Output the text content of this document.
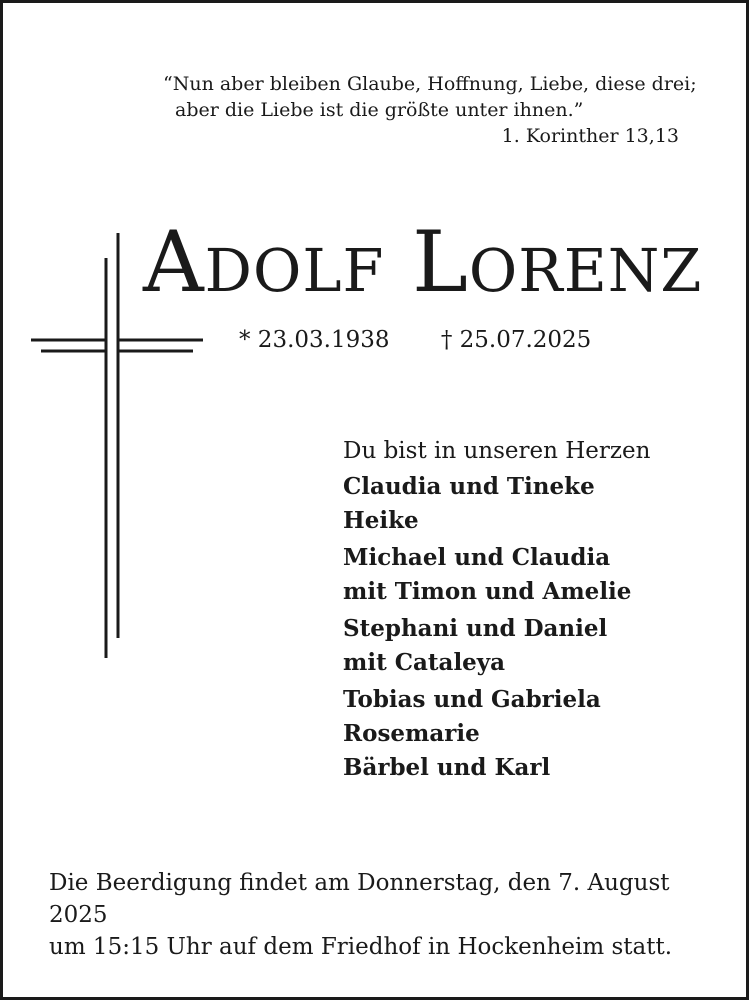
“Nun aber bleiben Glaube, Hoffnung, Liebe, diese drei;
aber die Liebe ist die größte unter ihnen.”
1. Korinther 13,13
Adolf Lorenz
* 23.03.1938 † 25.07.2025
Du bist in unseren Herzen
Claudia und Tineke
Heike
Michael und Claudia
mit Timon und Amelie
Stephani und Daniel
mit Cataleya
Tobias und Gabriela
Rosemarie
Bärbel und Karl
Die Beerdigung findet am Donnerstag, den 7. August 2025
um 15:15 Uhr auf dem Friedhof in Hockenheim statt.
